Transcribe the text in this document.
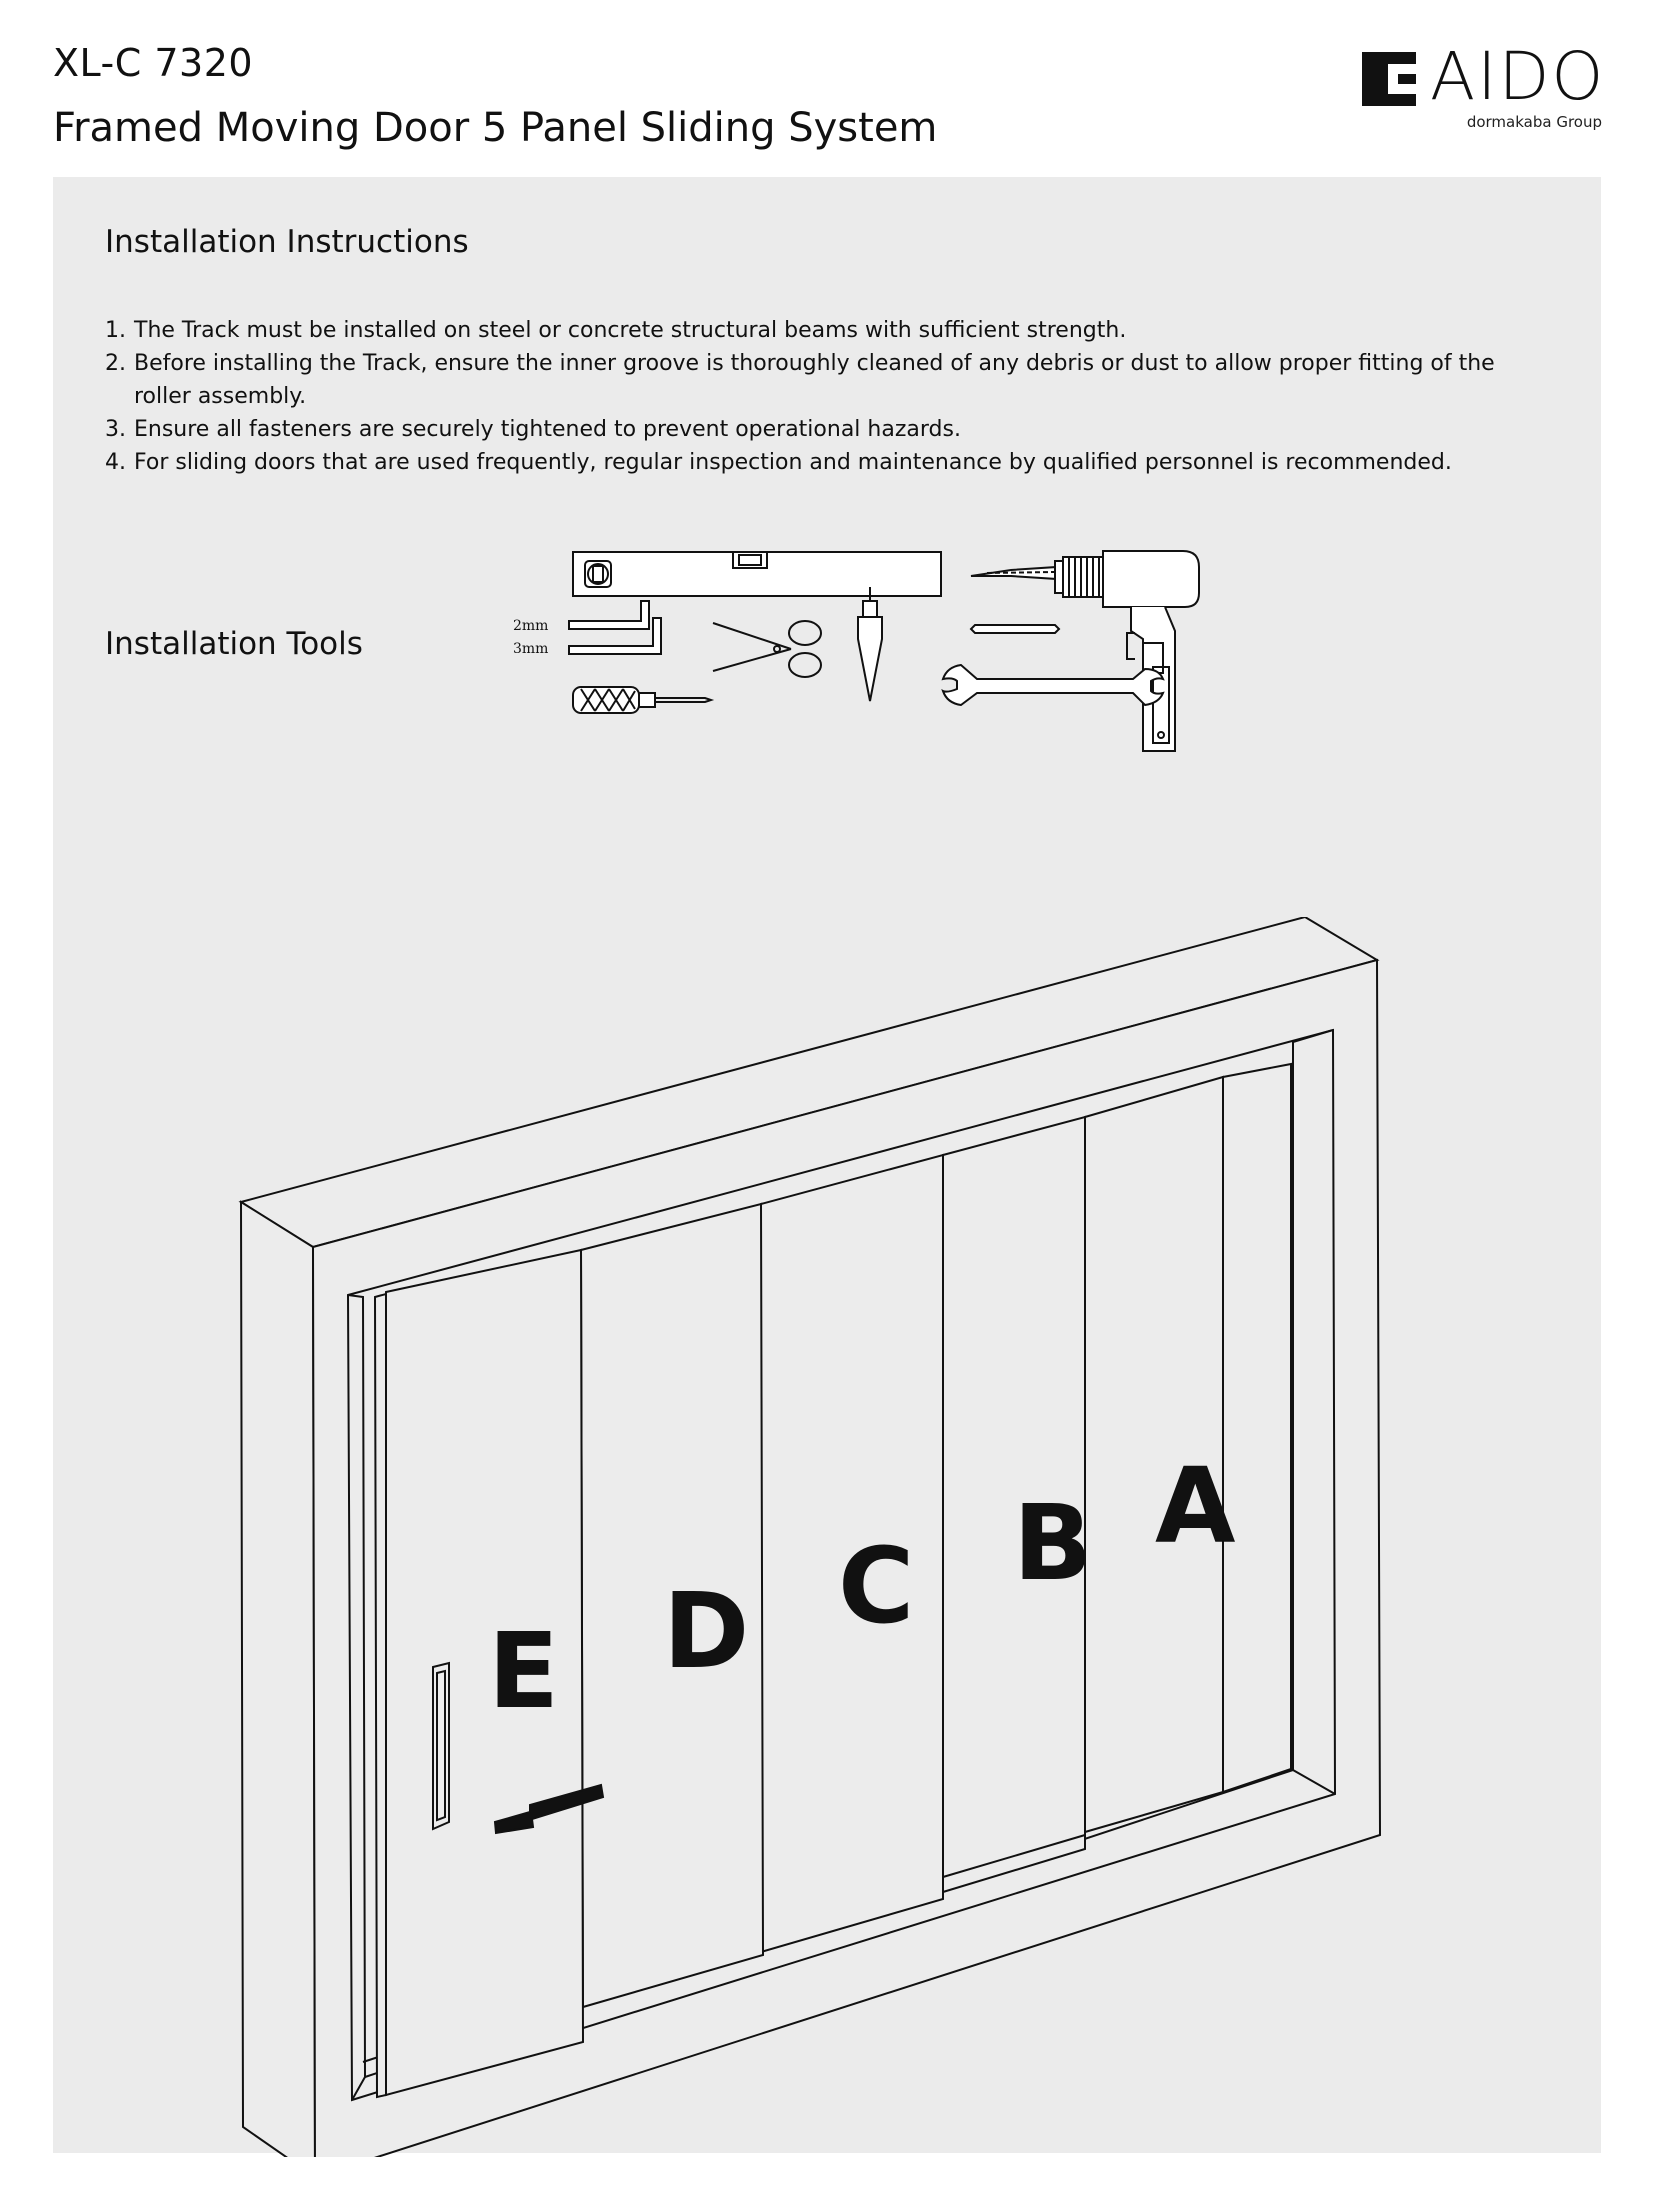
XL-C 7320
Framed Moving Door 5 Panel Sliding System
AIDO
dormakaba Group
Installation Instructions
1. The Track must be installed on steel or concrete structural beams with sufficient strength.
2. Before installing the Track, ensure the inner groove is thoroughly cleaned of any debris or dust to allow proper fitting of the roller assembly.
3. Ensure all fasteners are securely tightened to prevent operational hazards.
4. For sliding doors that are used frequently, regular inspection and maintenance by qualified personnel is recommended.
Installation Tools	2mm
3mm
E D C B A
